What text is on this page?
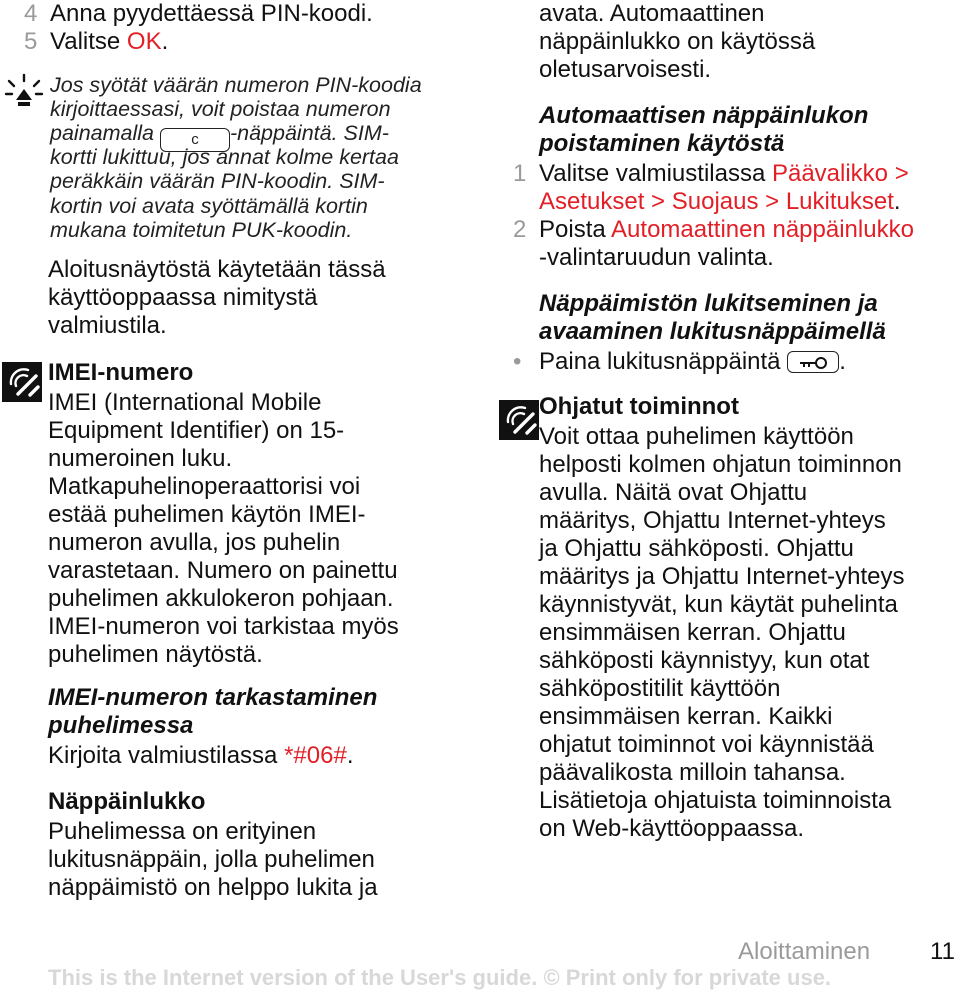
4 Anna pyydettäessä PIN-koodi.
5 Valitse OK.
Jos syötät väärän numeron PIN-koodia
kirjoittaessasi, voit poistaa numeron
painamalla c -näppäintä. SIM-
kortti lukittuu, jos annat kolme kertaa
peräkkäin väärän PIN-koodin. SIM-
kortin voi avata syöttämällä kortin
mukana toimitetun PUK-koodin.
Aloitusnäytöstä käytetään tässä
käyttöoppaassa nimitystä
valmiustila.
IMEI-numero
IMEI (International Mobile
Equipment Identifier) on 15-
numeroinen luku.
Matkapuhelinoperaattorisi voi
estää puhelimen käytön IMEI-
numeron avulla, jos puhelin
varastetaan. Numero on painettu
puhelimen akkulokeron pohjaan.
IMEI-numeron voi tarkistaa myös
puhelimen näytöstä.
IMEI-numeron tarkastaminen
puhelimessa
Kirjoita valmiustilassa *#06#.
Näppäinlukko
Puhelimessa on erityinen
lukitusnäppäin, jolla puhelimen
näppäimistö on helppo lukita ja
avata. Automaattinen
näppäinlukko on käytössä
oletusarvoisesti.
Automaattisen näppäinlukon
poistaminen käytöstä
1 Valitse valmiustilassa Päävalikko >
Asetukset > Suojaus > Lukitukset.
2 Poista Automaattinen näppäinlukko
-valintaruudun valinta.
Näppäimistön lukitseminen ja
avaaminen lukitusnäppäimellä
• Paina lukitusnäppäintä .
Ohjatut toiminnot
Voit ottaa puhelimen käyttöön
helposti kolmen ohjatun toiminnon
avulla. Näitä ovat Ohjattu
määritys, Ohjattu Internet-yhteys
ja Ohjattu sähköposti. Ohjattu
määritys ja Ohjattu Internet-yhteys
käynnistyvät, kun käytät puhelinta
ensimmäisen kerran. Ohjattu
sähköposti käynnistyy, kun otat
sähköpostitilit käyttöön
ensimmäisen kerran. Kaikki
ohjatut toiminnot voi käynnistää
päävalikosta milloin tahansa.
Lisätietoja ohjatuista toiminnoista
on Web-käyttöoppaassa.
Aloittaminen 11
This is the Internet version of the User's guide. © Print only for private use.
